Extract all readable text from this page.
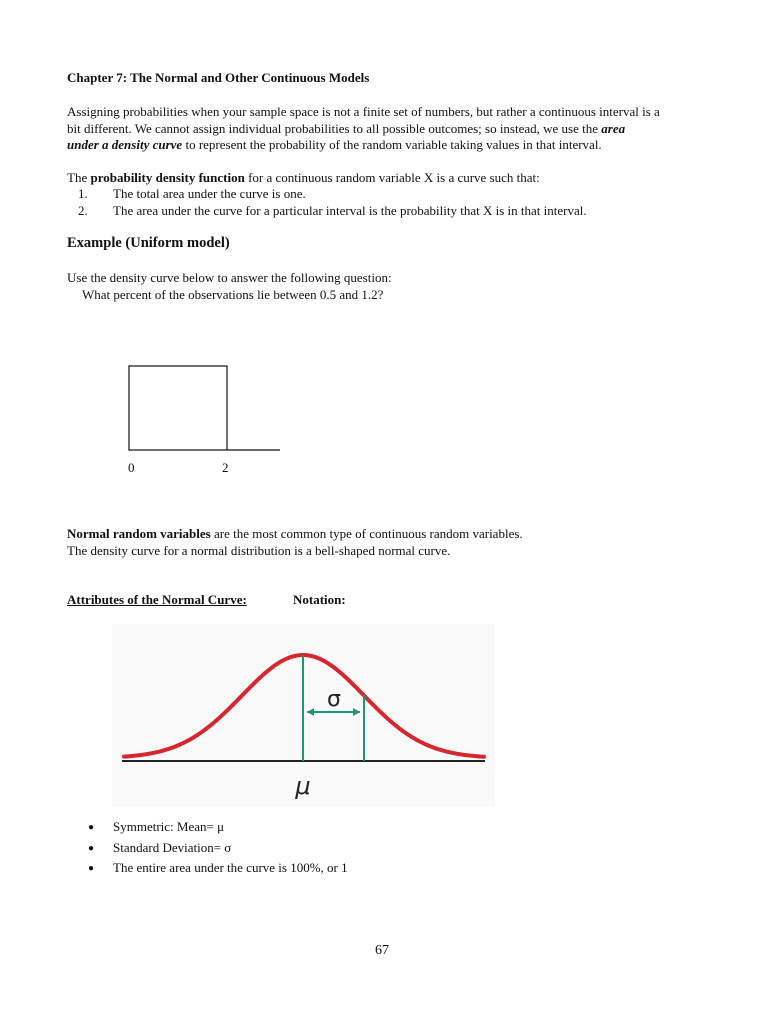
Chapter 7: The Normal and Other Continuous Models
Assigning probabilities when your sample space is not a finite set of numbers, but rather a continuous interval is a
bit different. We cannot assign individual probabilities to all possible outcomes; so instead, we use the area
under a density curve to represent the probability of the random variable taking values in that interval.
The probability density function for a continuous random variable X is a curve such that:
1. The total area under the curve is one.
2. The area under the curve for a particular interval is the probability that X is in that interval.
Example (Uniform model)
Use the density curve below to answer the following question:
What percent of the observations lie between 0.5 and 1.2?
0	2
Normal random variables are the most common type of continuous random variables.
The density curve for a normal distribution is a bell-shaped normal curve.
Attributes of the Normal Curve:	Notation:
σ
μ
● Symmetric: Mean= μ
● Standard Deviation= σ
● The entire area under the curve is 100%, or 1
67
